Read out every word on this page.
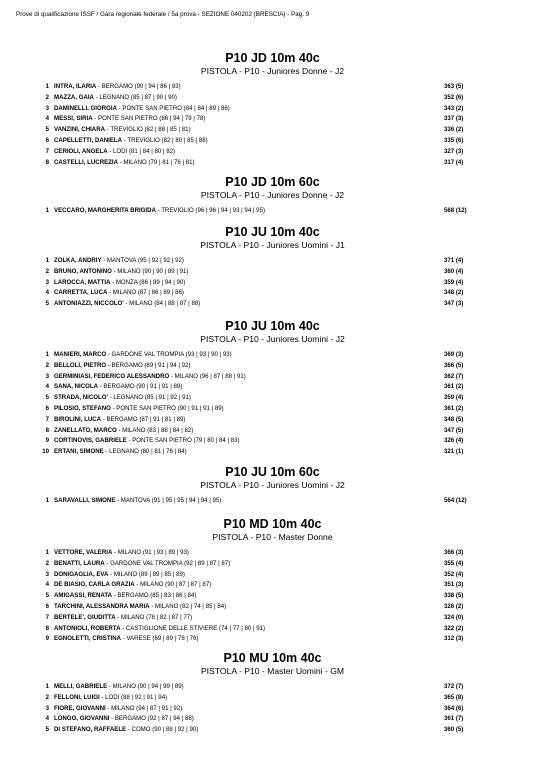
Prove di qualificazione ISSF / Gara regionale federale / 5a prova - SEZIONE 040202 (BRESCIA) - Pag. 9
P10 JD 10m 40c
PISTOLA - P10 - Juniores Donne - J2
1 INTRA, ILARIA - BERGAMO (90 | 94 | 86 | 93)	363 (5)
2 MAZZA, GAIA - LEGNANO (85 | 87 | 90 | 90)	352 (6)
3 DAMINELLI, GIORGIA - PONTE SAN PIETRO (84 | 84 | 89 | 86)	343 (2)
4 MESSI, SIRIA - PONTE SAN PIETRO (86 | 94 | 79 | 78)	337 (3)
5 VANZINI, CHIARA - TREVIGLIO (82 | 88 | 85 | 81)	336 (2)
6 CAPELLETTI, DANIELA - TREVIGLIO (82 | 80 | 85 | 88)	335 (6)
7 CERIOLI, ANGELA - LODI (81 | 84 | 80 | 82)	327 (3)
8 CASTELLI, LUCREZIA - MILANO (79 | 81 | 76 | 81)	317 (4)
P10 JD 10m 60c
PISTOLA - P10 - Juniores Donne - J2
1 VECCARO, MARGHERITA BRIGIDA - TREVIGLIO (96 | 96 | 94 | 93 | 94 | 95)	568 (12)
P10 JU 10m 40c
PISTOLA - P10 - Juniores Uomini - J1
1 ZOLKA, ANDRIY - MANTOVA (95 | 92 | 92 | 92)	371 (4)
2 BRUNO, ANTONINO - MILANO (90 | 90 | 89 | 91)	360 (4)
3 LAROCCA, MATTIA - MONZA (86 | 89 | 94 | 90)	359 (4)
4 CARRETTA, LUCA - MILANO (87 | 86 | 89 | 86)	348 (2)
5 ANTONIAZZI, NICCOLO' - MILANO (84 | 88 | 87 | 88)	347 (3)
P10 JU 10m 40c
PISTOLA - P10 - Juniores Uomini - J2
1 MANIERI, MARCO - GARDONE VAL TROMPIA (93 | 93 | 90 | 93)	369 (3)
2 BELLOLI, PIETRO - BERGAMO (89 | 91 | 94 | 92)	366 (5)
3 GERMINIASI, FEDERICO ALESSANDRO - MILANO (96 | 87 | 88 | 91)	362 (7)
4 SANA, NICOLA - BERGAMO (90 | 91 | 91 | 89)	361 (2)
5 STRADA, NICOLO' - LEGNANO (85 | 91 | 92 | 91)	359 (4)
6 PILOSIO, STEFANO - PONTE SAN PIETRO (90 | 91 | 91 | 89)	361 (2)
7 BIROLINI, LUCA - BERGAMO (87 | 91 | 81 | 89)	348 (5)
8 ZANELLATO, MARCO - MILANO (83 | 88 | 84 | 82)	347 (5)
9 CORTINOVIS, GABRIELE - PONTE SAN PIETRO (79 | 80 | 84 | 83)	326 (4)
10 ERTANI, SIMONE - LEGNANO (80 | 81 | 76 | 84)	321 (1)
P10 JU 10m 60c
PISTOLA - P10 - Juniores Uomini - J2
1 SARAVALLI, SIMONE - MANTOVA (91 | 95 | 95 | 94 | 94 | 95)	564 (12)
P10 MD 10m 40c
PISTOLA - P10 - Master Donne
1 VETTORE, VALERIA - MILANO (91 | 93 | 89 | 93)	366 (3)
2 BENATTI, LAURA - GARDONE VAL TROMPIA (92 | 89 | 87 | 87)	355 (4)
3 DONIGAGLIA, EVA - MILANO (89 | 89 | 85 | 89)	352 (4)
4 DE BIASIO, CARLA GRAZIA - MILANO (90 | 87 | 87 | 87)	351 (3)
5 AMIGASSI, RENATA - BERGAMO (85 | 83 | 86 | 84)	338 (5)
6 TARCHINI, ALESSANDRA MARIA - MILANO (82 | 74 | 85 | 84)	326 (2)
7 BERTELE', GIUDITTA - MILANO (78 | 82 | 87 | 77)	324 (0)
8 ANTONIOLI, ROBERTA - CASTIGLIONE DELLE STIVIERE (74 | 77 | 80 | 91)	322 (2)
9 EGNOLETTI, CRISTINA - VARESE (69 | 89 | 78 | 76)	312 (3)
P10 MU 10m 40c
PISTOLA - P10 - Master Uomini - GM
1 MELLI, GABRIELE - MILANO (90 | 94 | 99 | 89)	372 (7)
2 FELLONI, LUIGI - LODI (88 | 92 | 91 | 94)	365 (8)
3 FIORE, GIOVANNI - MILANO (94 | 87 | 91 | 92)	364 (6)
4 LONGO, GIOVANNI - BERGAMO (92 | 87 | 94 | 88)	361 (7)
5 DI STEFANO, RAFFAELE - COMO (90 | 88 | 92 | 90)	360 (5)
